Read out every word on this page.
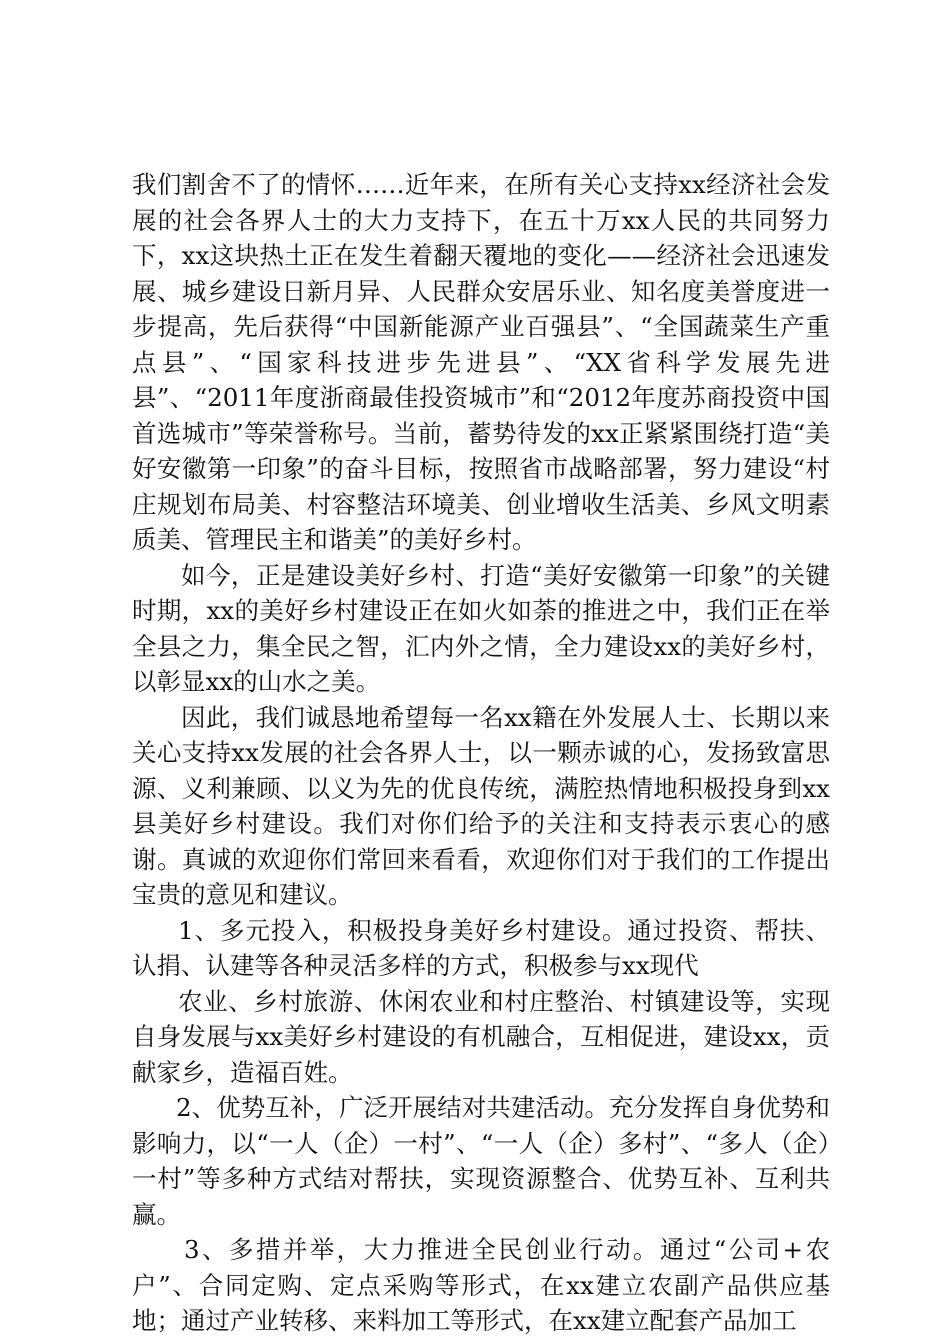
我们割舍不了的情怀……近年来，在所有关心支持xx经济社会发展的社会各界人士的大力支持下，在五十万xx人民的共同努力下，xx这块热土正在发生着翻天覆地的变化——经济社会迅速发展、城乡建设日新月异、人民群众安居乐业、知名度美誉度进一步提高，先后获得“中国新能源产业百强县”、“全国蔬菜生产重点县”、“国家科技进步先进县”、“XX省科学发展先进县”、“2011年度浙商最佳投资城市”和“2012年度苏商投资中国首选城市”等荣誉称号。当前，蓄势待发的xx正紧紧围绕打造“美好安徽第一印象”的奋斗目标，按照省市战略部署，努力建设“村庄规划布局美、村容整洁环境美、创业增收生活美、乡风文明素质美、管理民主和谐美”的美好乡村。

如今，正是建设美好乡村、打造“美好安徽第一印象”的关键时期，xx的美好乡村建设正在如火如荼的推进之中，我们正在举全县之力，集全民之智，汇内外之情，全力建设xx的美好乡村，以彰显xx的山水之美。

因此，我们诚恳地希望每一名xx籍在外发展人士、长期以来关心支持xx发展的社会各界人士，以一颗赤诚的心，发扬致富思源、义利兼顾、以义为先的优良传统，满腔热情地积极投身到xx县美好乡村建设。我们对你们给予的关注和支持表示衷心的感谢。真诚的欢迎你们常回来看看，欢迎你们对于我们的工作提出宝贵的意见和建议。

1、多元投入，积极投身美好乡村建设。通过投资、帮扶、认捐、认建等各种灵活多样的方式，积极参与xx现代

农业、乡村旅游、休闲农业和村庄整治、村镇建设等，实现自身发展与xx美好乡村建设的有机融合，互相促进，建设xx，贡献家乡，造福百姓。

2、优势互补，广泛开展结对共建活动。充分发挥自身优势和影响力，以“一人（企）一村”、“一人（企）多村”、“多人（企）一村”等多种方式结对帮扶，实现资源整合、优势互补、互利共赢。

3、多措并举，大力推进全民创业行动。通过“公司+农户”、合同定购、定点采购等形式，在xx建立农副产品供应基地；通过产业转移、来料加工等形式，在xx建立配套产品加工
